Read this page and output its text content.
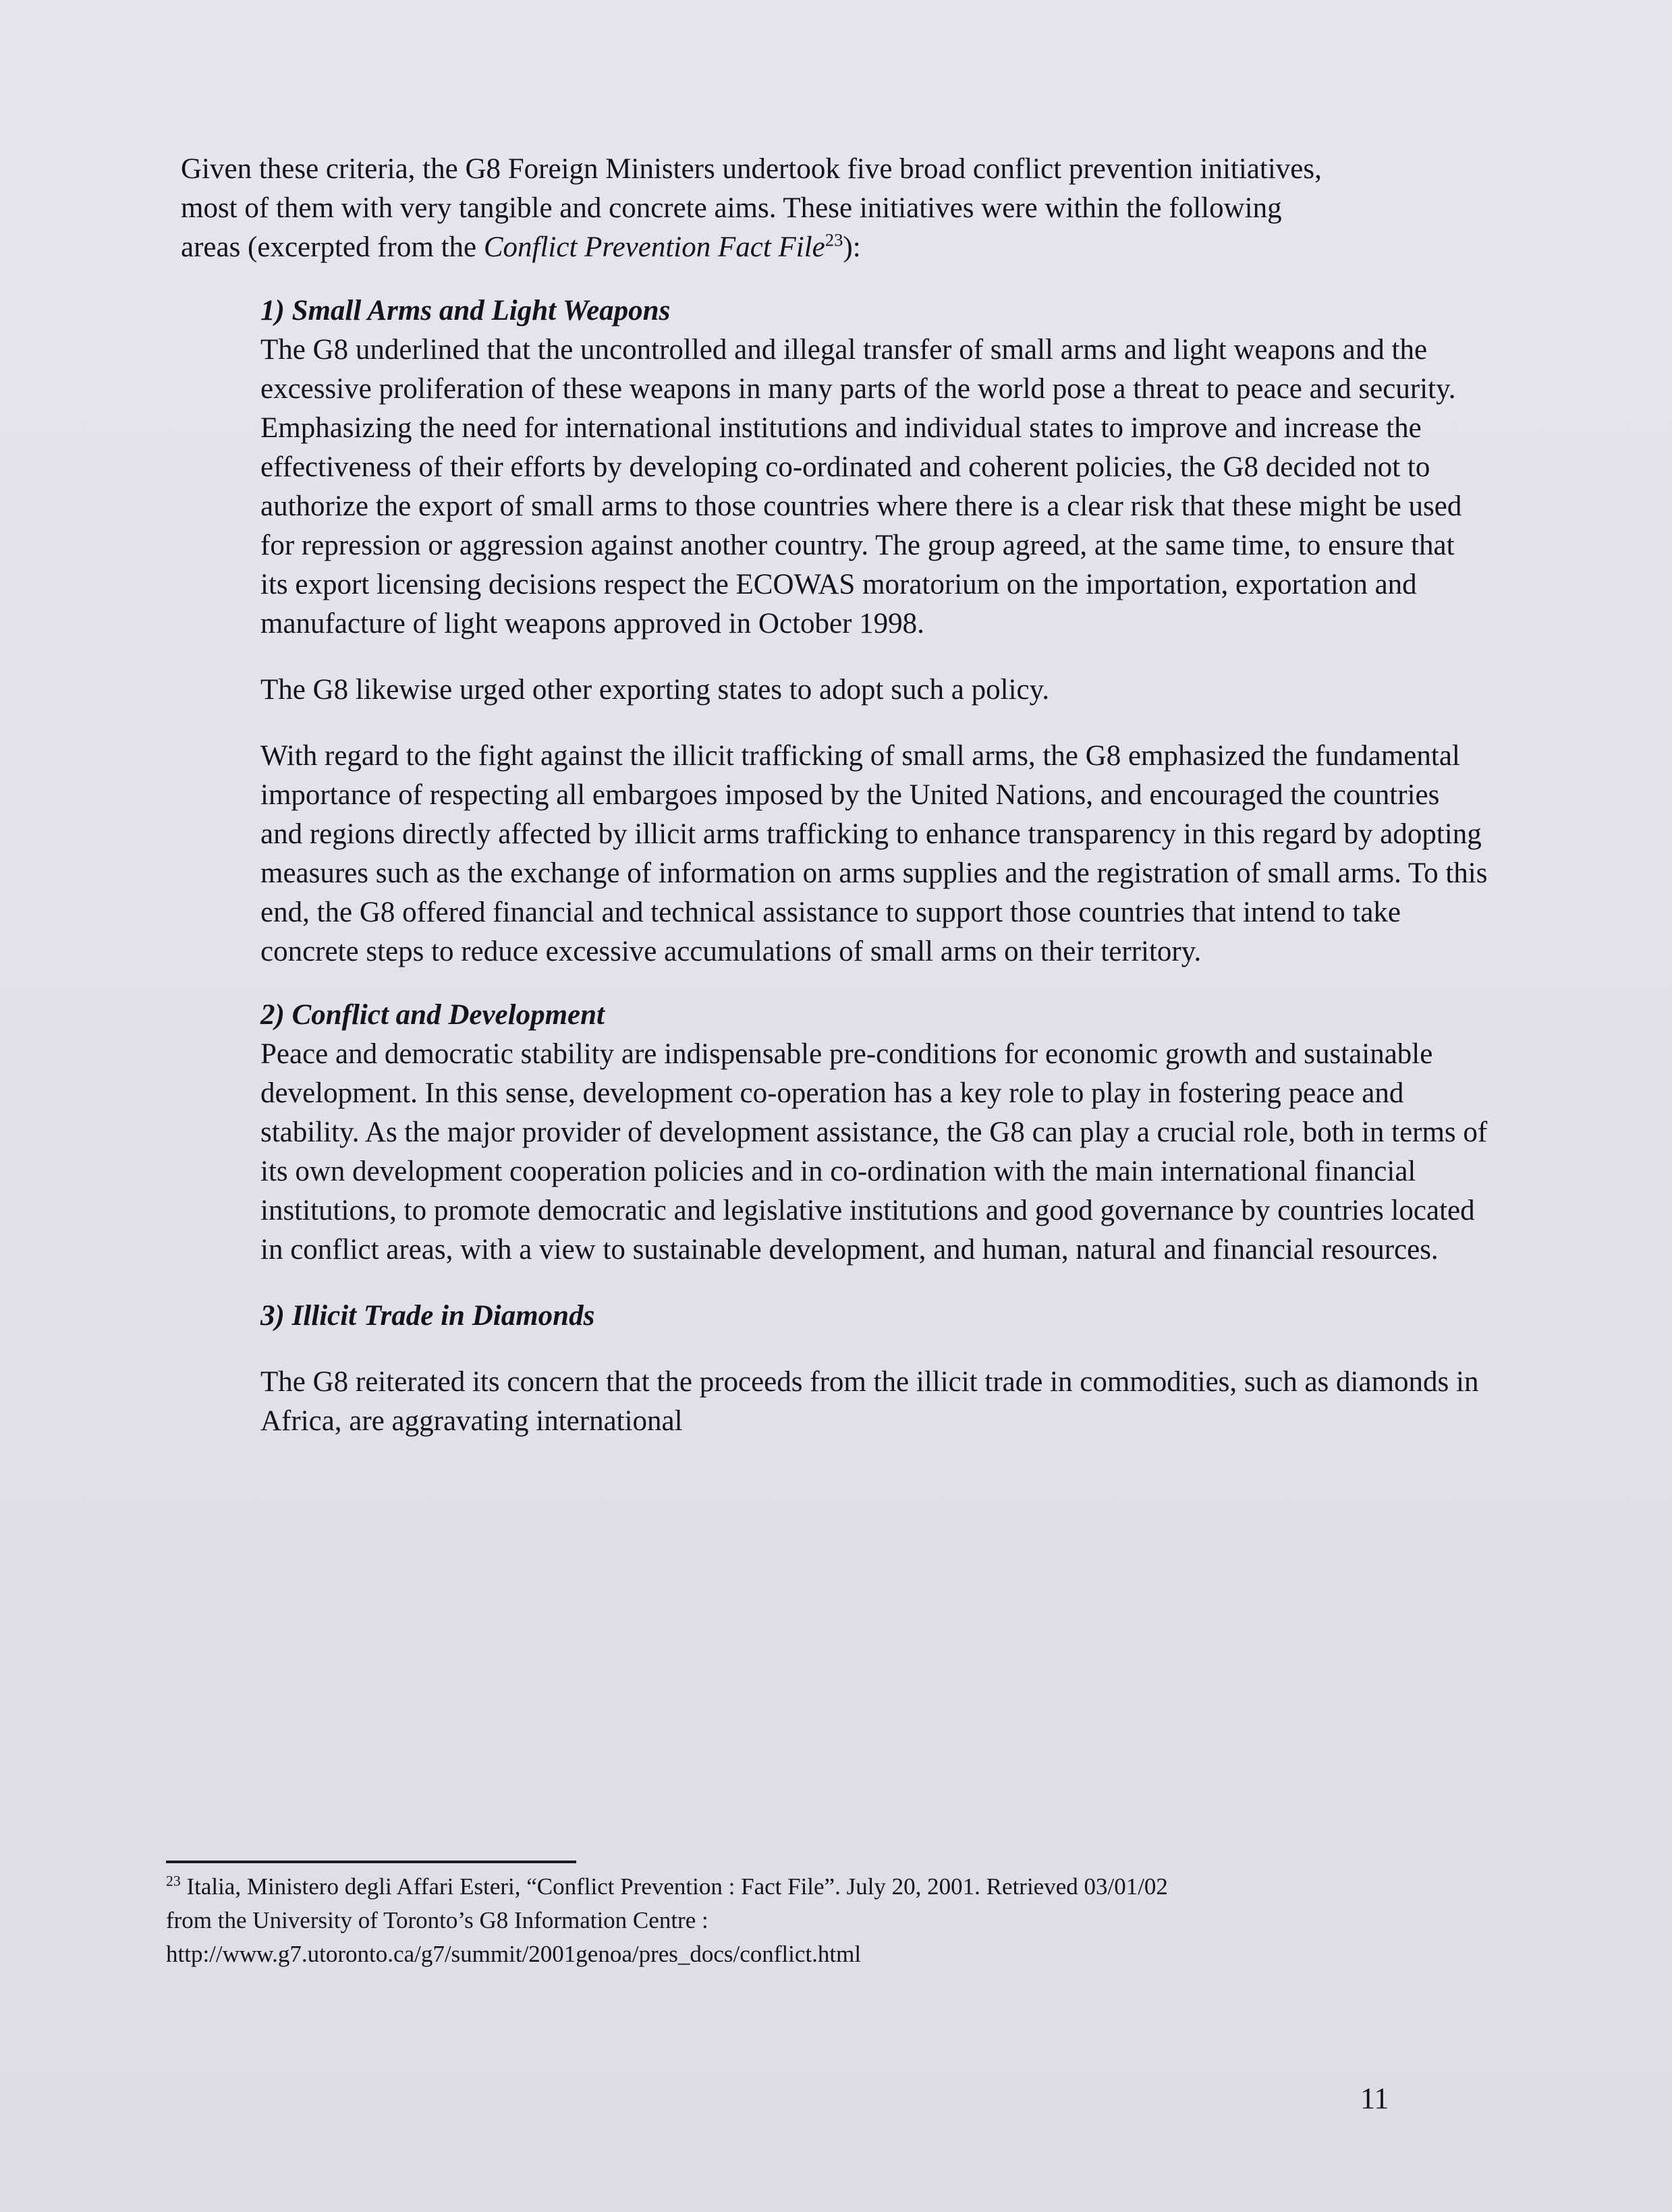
Given these criteria, the G8 Foreign Ministers undertook five broad conflict prevention initiatives,
most of them with very tangible and concrete aims. These initiatives were within the following
areas (excerpted from the Conflict Prevention Fact File$^{23}$):

1) Small Arms and Light Weapons

The G8 underlined that the uncontrolled and illegal transfer of small arms and light weapons and the excessive proliferation of these weapons in many parts of the world pose a threat to peace and security. Emphasizing the need for international institutions and individual states to improve and increase the effectiveness of their efforts by developing co-ordinated and coherent policies, the G8 decided not to authorize the export of small arms to those countries where there is a clear risk that these might be used for repression or aggression against another country. The group agreed, at the same time, to ensure that its export licensing decisions respect the ECOWAS moratorium on the importation, exportation and manufacture of light weapons approved in October 1998.

The G8 likewise urged other exporting states to adopt such a policy.

With regard to the fight against the illicit trafficking of small arms, the G8 emphasized the fundamental importance of respecting all embargoes imposed by the United Nations, and encouraged the countries and regions directly affected by illicit arms trafficking to enhance transparency in this regard by adopting measures such as the exchange of information on arms supplies and the registration of small arms. To this end, the G8 offered financial and technical assistance to support those countries that intend to take concrete steps to reduce excessive accumulations of small arms on their territory.

2) Conflict and Development

Peace and democratic stability are indispensable pre-conditions for economic growth and sustainable development. In this sense, development co-operation has a key role to play in fostering peace and stability. As the major provider of development assistance, the G8 can play a crucial role, both in terms of its own development cooperation policies and in co-ordination with the main international financial institutions, to promote democratic and legislative institutions and good governance by countries located in conflict areas, with a view to sustainable development, and human, natural and financial resources.

3) Illicit Trade in Diamonds

The G8 reiterated its concern that the proceeds from the illicit trade in commodities, such as diamonds in Africa, are aggravating international

$^{23}$ Italia, Ministero degli Affari Esteri, “Conflict Prevention : Fact File”. July 20, 2001. Retrieved 03/01/02
from the University of Toronto’s G8 Information Centre :
http://www.g7.utoronto.ca/g7/summit/2001genoa/pres_docs/conflict.html
11
